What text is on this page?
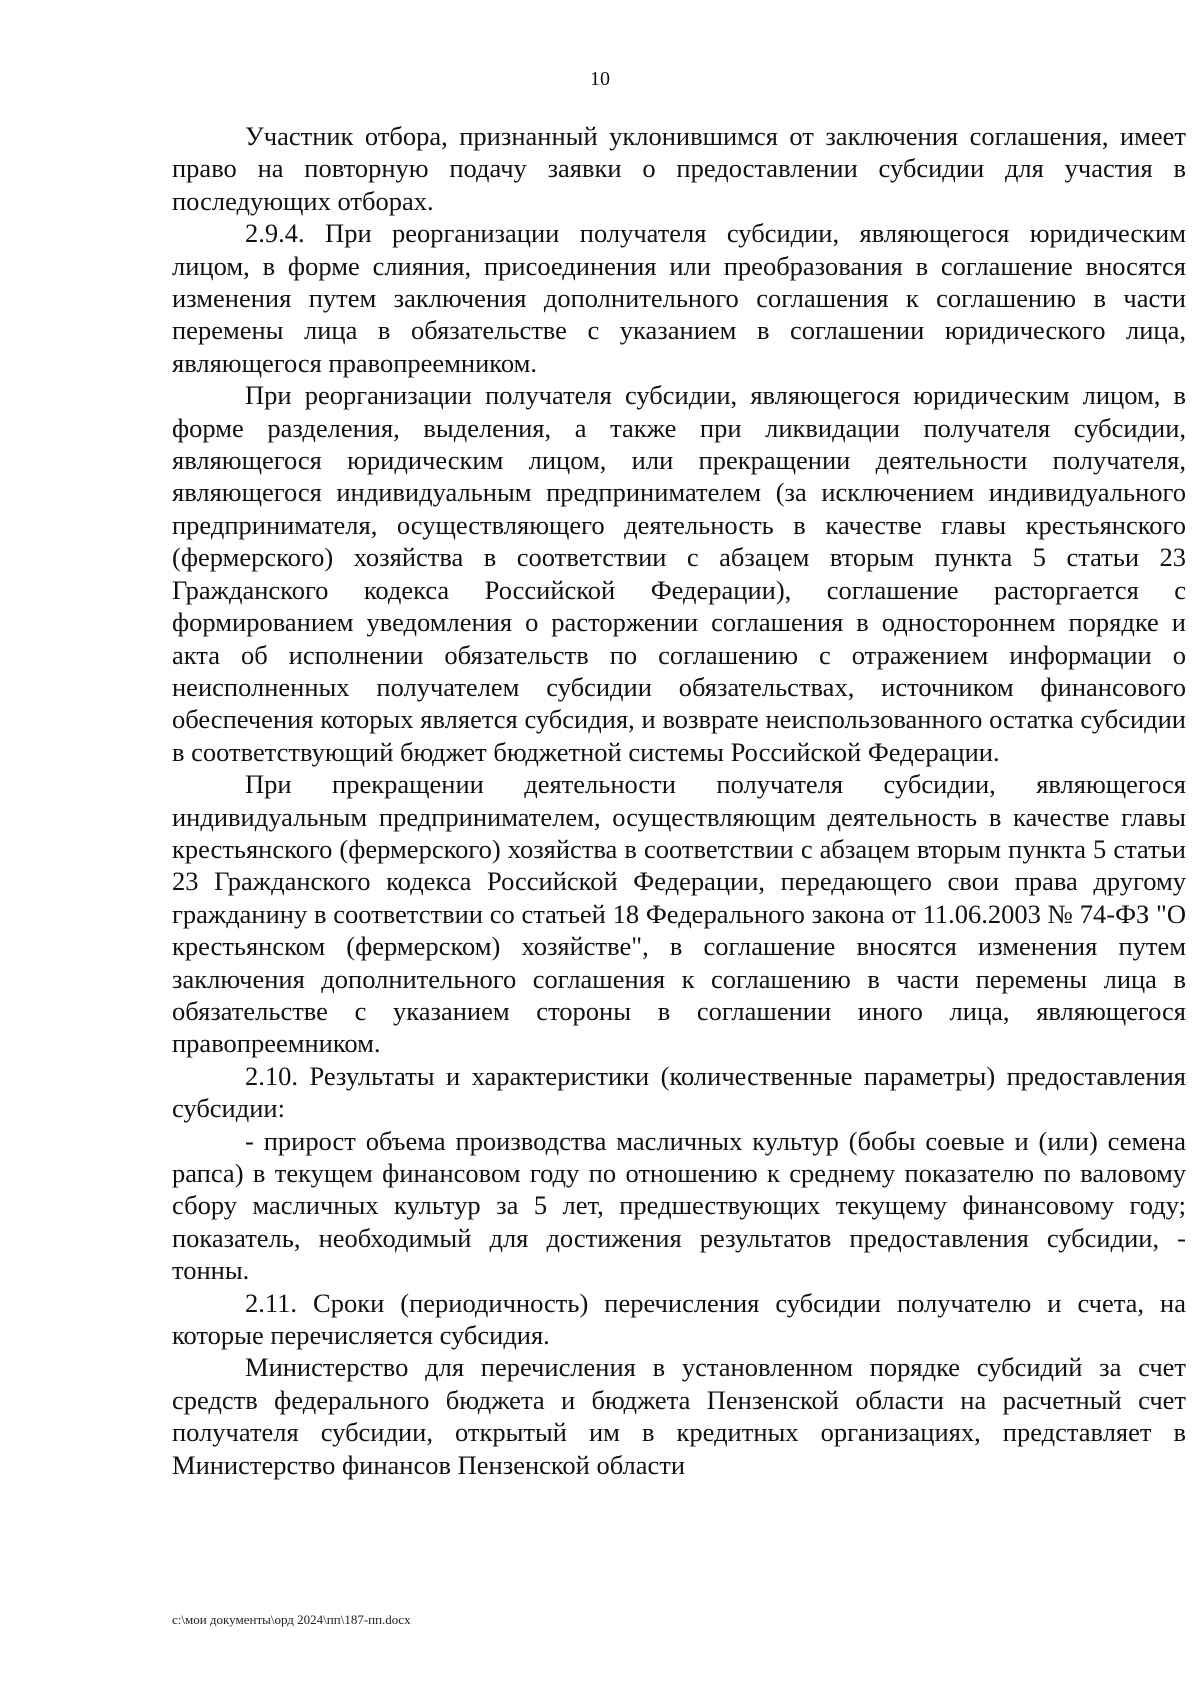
10

Участник отбора, признанный уклонившимся от заключения соглашения, имеет право на повторную подачу заявки о предоставлении субсидии для участия в последующих отборах.

2.9.4. При реорганизации получателя субсидии, являющегося юридическим лицом, в форме слияния, присоединения или преобразования в соглашение вносятся изменения путем заключения дополнительного соглашения к соглашению в части перемены лица в обязательстве с указанием в соглашении юридического лица, являющегося правопреемником.

При реорганизации получателя субсидии, являющегося юридическим лицом, в форме разделения, выделения, а также при ликвидации получателя субсидии, являющегося юридическим лицом, или прекращении деятельности получателя, являющегося индивидуальным предпринимателем (за исключением индивидуального предпринимателя, осуществляющего деятельность в качестве главы крестьянского (фермерского) хозяйства в соответствии с абзацем вторым пункта 5 статьи 23 Гражданского кодекса Российской Федерации), соглашение расторгается с формированием уведомления о расторжении соглашения в одностороннем порядке и акта об исполнении обязательств по соглашению с отражением информации о неисполненных получателем субсидии обязательствах, источником финансового обеспечения которых является субсидия, и возврате неиспользованного остатка субсидии в соответствующий бюджет бюджетной системы Российской Федерации.

При прекращении деятельности получателя субсидии, являющегося индивидуальным предпринимателем, осуществляющим деятельность в качестве главы крестьянского (фермерского) хозяйства в соответствии с абзацем вторым пункта 5 статьи 23 Гражданского кодекса Российской Федерации, передающего свои права другому гражданину в соответствии со статьей 18 Федерального закона от 11.06.2003 № 74-ФЗ "О крестьянском (фермерском) хозяйстве", в соглашение вносятся изменения путем заключения дополнительного соглашения к соглашению в части перемены лица в обязательстве с указанием стороны в соглашении иного лица, являющегося правопреемником.

2.10. Результаты и характеристики (количественные параметры) предоставления субсидии:

- прирост объема производства масличных культур (бобы соевые и (или) семена рапса) в текущем финансовом году по отношению к среднему показателю по валовому сбору масличных культур за 5 лет, предшествующих текущему финансовому году; показатель, необходимый для достижения результатов предоставления субсидии, - тонны.

2.11. Сроки (периодичность) перечисления субсидии получателю и счета, на которые перечисляется субсидия.

Министерство для перечисления в установленном порядке субсидий за счет средств федерального бюджета и бюджета Пензенской области на расчетный счет получателя субсидии, открытый им в кредитных организациях, представляет в Министерство финансов Пензенской области

c:\мои документы\орд 2024\пп\187-пп.docx
